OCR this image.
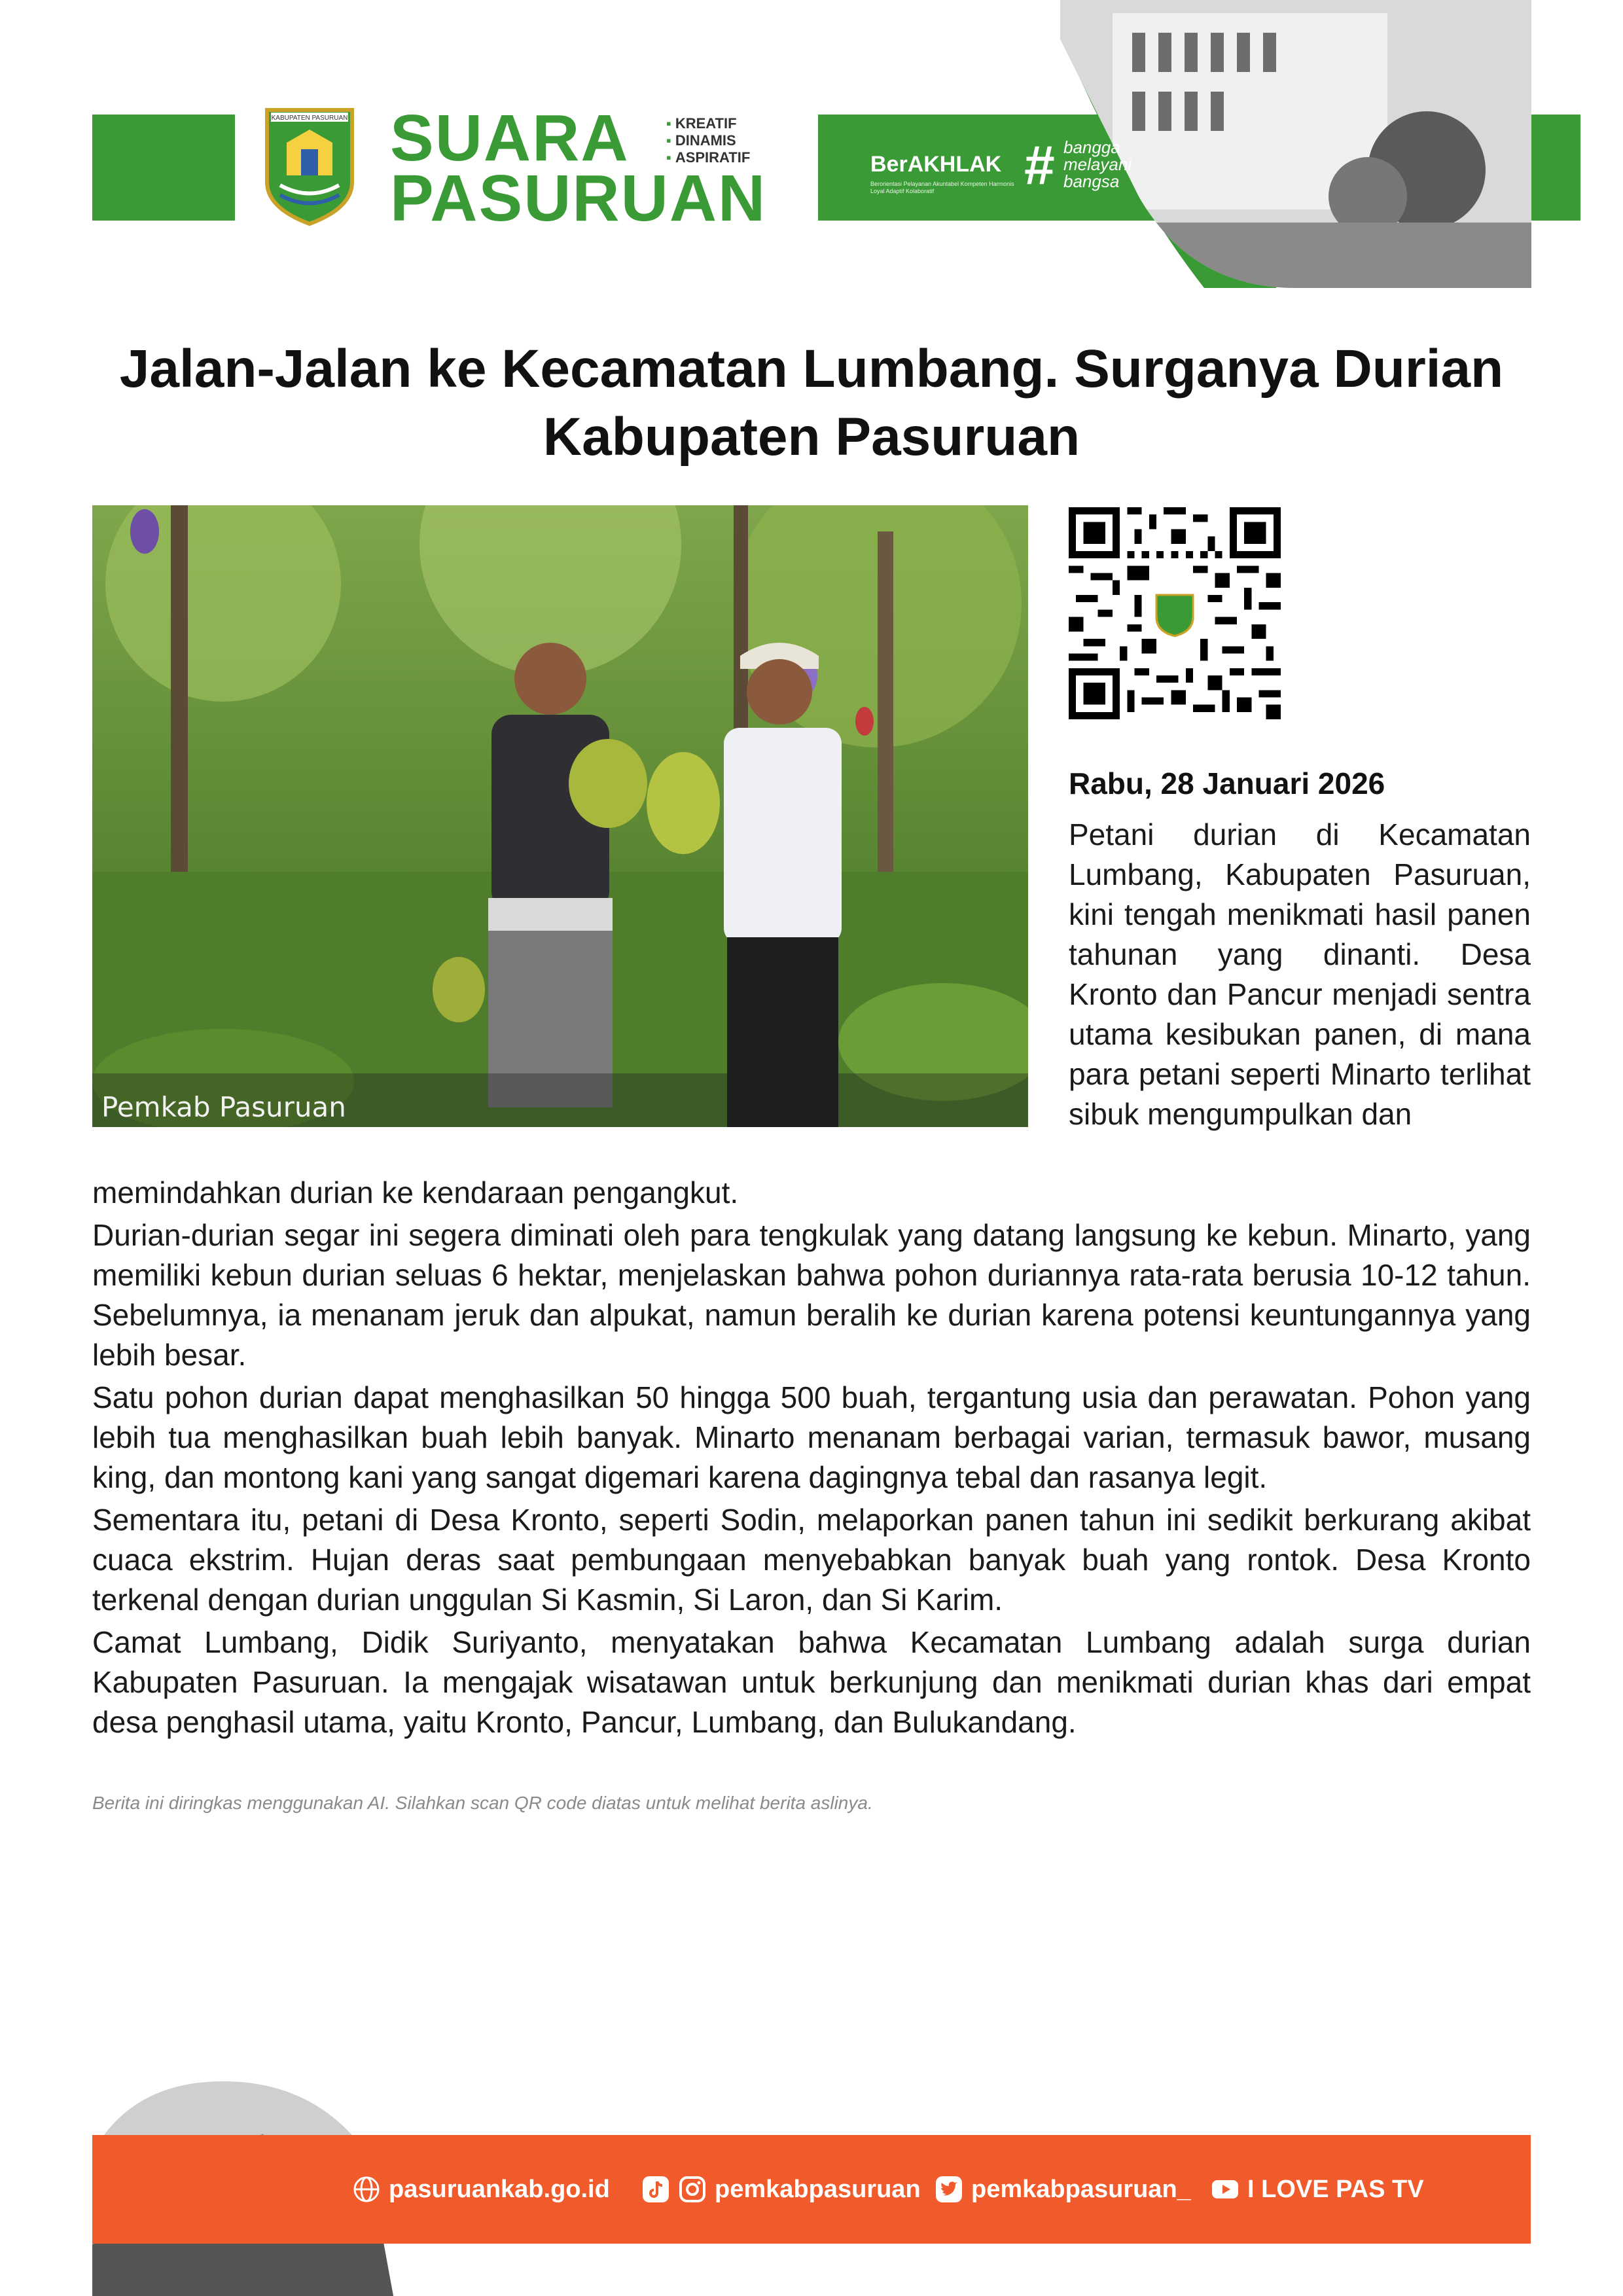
KABUPATEN PASURUAN SUARA
PASURUAN
▪ KREATIF
▪ DINAMIS
▪ ASPIRATIF	BerAKHLAK
Berorientasi Pelayanan Akuntabel Kompeten Harmonis Loyal Adaptif Kolaboratif	# bangga
melayani
bangsa
Jalan-Jalan ke Kecamatan Lumbang. Surganya Durian Kabupaten Pasuruan
Pemkab Pasuruan
Rabu, 28 Januari 2026
Petani durian di Kecamatan Lumbang, Kabupaten Pasuruan, kini tengah menikmati hasil panen tahunan yang dinanti. Desa Kronto dan Pancur menjadi sentra utama kesibukan panen, di mana para petani seperti Minarto terlihat sibuk mengumpulkan dan

memindahkan durian ke kendaraan pengangkut.

Durian-durian segar ini segera diminati oleh para tengkulak yang datang langsung ke kebun. Minarto, yang memiliki kebun durian seluas 6 hektar, menjelaskan bahwa pohon duriannya rata-rata berusia 10-12 tahun. Sebelumnya, ia menanam jeruk dan alpukat, namun beralih ke durian karena potensi keuntungannya yang lebih besar.

Satu pohon durian dapat menghasilkan 50 hingga 500 buah, tergantung usia dan perawatan. Pohon yang lebih tua menghasilkan buah lebih banyak. Minarto menanam berbagai varian, termasuk bawor, musang king, dan montong kani yang sangat digemari karena dagingnya tebal dan rasanya legit.

Sementara itu, petani di Desa Kronto, seperti Sodin, melaporkan panen tahun ini sedikit berkurang akibat cuaca ekstrim. Hujan deras saat pembungaan menyebabkan banyak buah yang rontok. Desa Kronto terkenal dengan durian unggulan Si Kasmin, Si Laron, dan Si Karim.

Camat Lumbang, Didik Suriyanto, menyatakan bahwa Kecamatan Lumbang adalah surga durian Kabupaten Pasuruan. Ia mengajak wisatawan untuk berkunjung dan menikmati durian khas dari empat desa penghasil utama, yaitu Kronto, Pancur, Lumbang, dan Bulukandang.

Berita ini diringkas menggunakan AI. Silahkan scan QR code diatas untuk melihat berita aslinya.
pasuruankab.go.id	pemkabpasuruan pemkabpasuruan_ I LOVE PAS TV
